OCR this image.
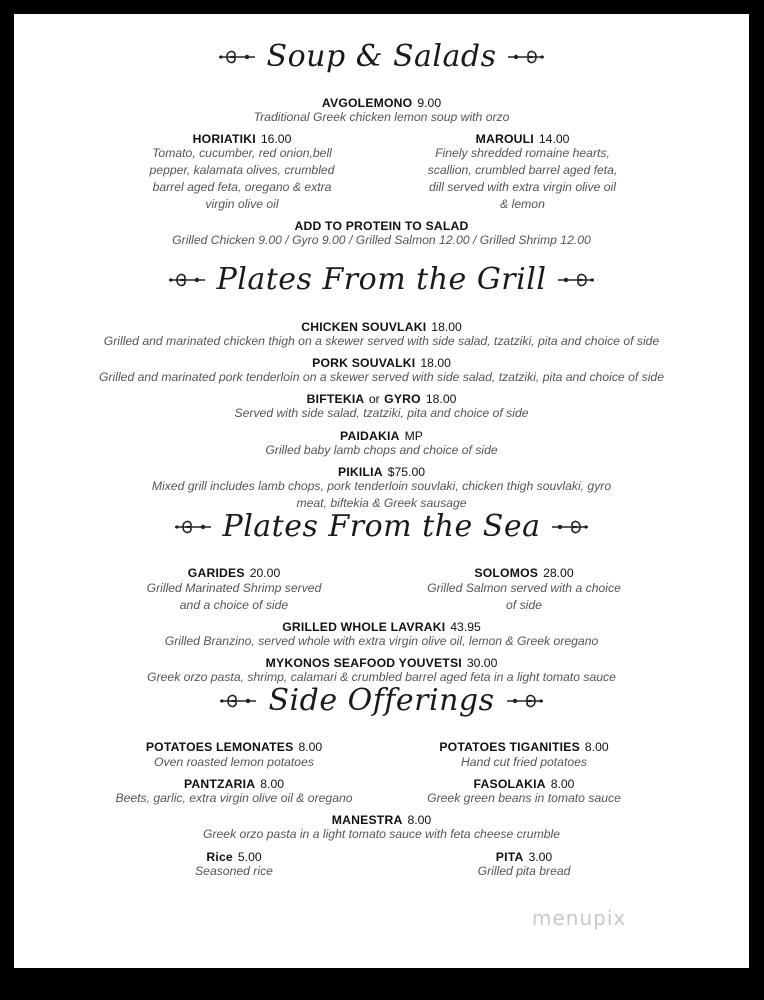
Soup & Salads
AVGOLEMONO 9.00
Traditional Greek chicken lemon soup with orzo
HORIATIKI 16.00
Tomato, cucumber, red onion,bell
pepper, kalamata olives, crumbled
barrel aged feta, oregano & extra
virgin olive oil
MAROULI 14.00
Finely shredded romaine hearts,
scallion, crumbled barrel aged feta,
dill served with extra virgin olive oil
& lemon
ADD TO PROTEIN TO SALAD
Grilled Chicken 9.00 / Gyro 9.00 / Grilled Salmon 12.00 / Grilled Shrimp 12.00
Plates From the Grill
CHICKEN SOUVLAKI 18.00
Grilled and marinated chicken thigh on a skewer served with side salad, tzatziki, pita and choice of side
PORK SOUVALKI 18.00
Grilled and marinated pork tenderloin on a skewer served with side salad, tzatziki, pita and choice of side
BIFTEKIA or GYRO 18.00
Served with side salad, tzatziki, pita and choice of side
PAIDAKIA MP
Grilled baby lamb chops and choice of side
PIKILIA $75.00
Mixed grill includes lamb chops, pork tenderloin souvlaki, chicken thigh souvlaki, gyro
meat, biftekia & Greek sausage
Plates From the Sea
GARIDES 20.00
Grilled Marinated Shrimp served
and a choice of side
SOLOMOS 28.00
Grilled Salmon served with a choice
of side
GRILLED WHOLE LAVRAKI 43.95
Grilled Branzino, served whole with extra virgin olive oil, lemon & Greek oregano
MYKONOS SEAFOOD YOUVETSI 30.00
Greek orzo pasta, shrimp, calamari & crumbled barrel aged feta in a light tomato sauce
Side Offerings
POTATOES LEMONATES 8.00
Oven roasted lemon potatoes
POTATOES TIGANITIES 8.00
Hand cut fried potatoes
PANTZARIA 8.00
Beets, garlic, extra virgin olive oil & oregano
FASOLAKIA 8.00
Greek green beans in tomato sauce
MANESTRA 8.00
Greek orzo pasta in a light tomato sauce with feta cheese crumble
Rice 5.00
Seasoned rice
PITA 3.00
Grilled pita bread
menupix
